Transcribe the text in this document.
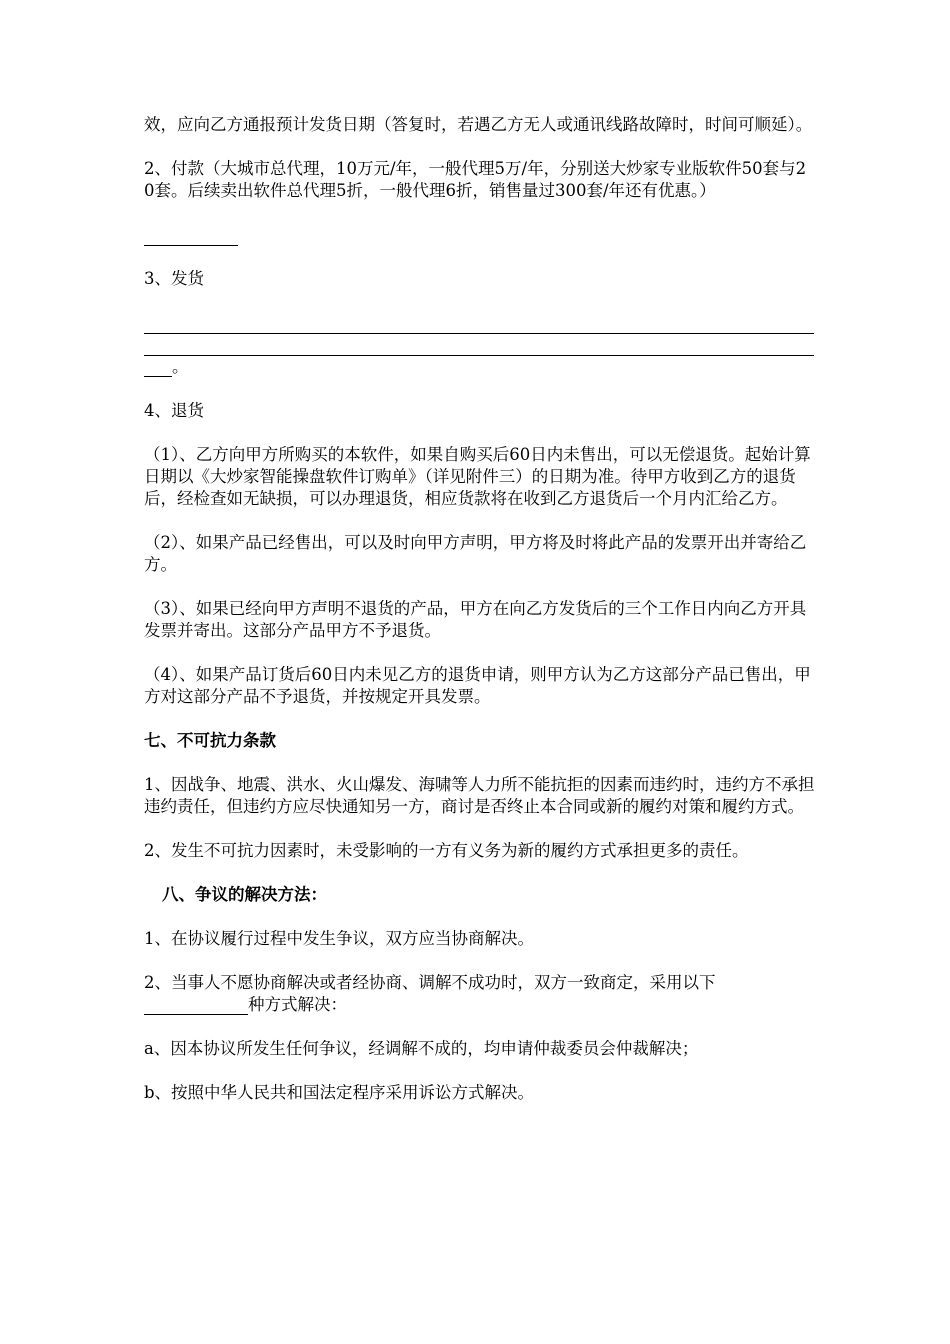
效，应向乙方通报预计发货日期（答复时，若遇乙方无人或通讯线路故障时，时间可顺延）。

2、付款（大城市总代理，10万元/年，一般代理5万/年，分别送大炒家专业版软件50套与20套。后续卖出软件总代理5折，一般代理6折，销售量过300套/年还有优惠。）

3、发货

。

4、退货

（1）、乙方向甲方所购买的本软件，如果自购买后60日内未售出，可以无偿退货。起始计算日期以《大炒家智能操盘软件订购单》（详见附件三）的日期为准。待甲方收到乙方的退货后，经检查如无缺损，可以办理退货，相应货款将在收到乙方退货后一个月内汇给乙方。

（2）、如果产品已经售出，可以及时向甲方声明，甲方将及时将此产品的发票开出并寄给乙方。

（3）、如果已经向甲方声明不退货的产品，甲方在向乙方发货后的三个工作日内向乙方开具发票并寄出。这部分产品甲方不予退货。

（4）、如果产品订货后60日内未见乙方的退货申请，则甲方认为乙方这部分产品已售出，甲方对这部分产品不予退货，并按规定开具发票。

七、不可抗力条款

1、因战争、地震、洪水、火山爆发、海啸等人力所不能抗拒的因素而违约时，违约方不承担违约责任，但违约方应尽快通知另一方，商讨是否终止本合同或新的履约对策和履约方式。

2、发生不可抗力因素时，未受影响的一方有义务为新的履约方式承担更多的责任。

八、争议的解决方法：

1、在协议履行过程中发生争议，双方应当协商解决。

2、当事人不愿协商解决或者经协商、调解不成功时，双方一致商定，采用以下种方式解决：

a、因本协议所发生任何争议，经调解不成的，均申请仲裁委员会仲裁解决；

b、按照中华人民共和国法定程序采用诉讼方式解决。
